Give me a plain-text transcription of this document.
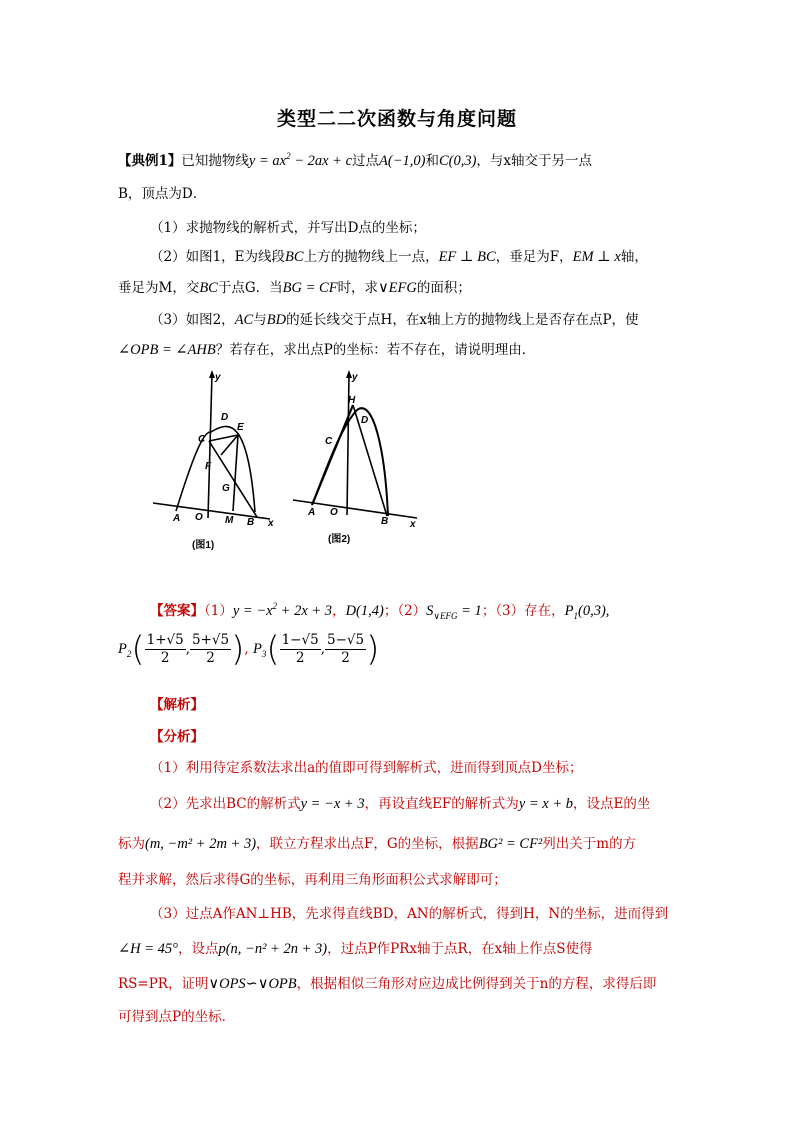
类型二二次函数与角度问题
【典例1】已知抛物线$y = ax^2 - 2ax + c$过点A(−1,0)和C(0,3)，与x轴交于另一点
B，顶点为D．
（1）求抛物线的解析式，并写出D点的坐标；
（2）如图1，E为线段BC上方的抛物线上一点，EF ⊥ BC，垂足为F，EM ⊥ x轴，
垂足为M，交BC于点G．当BG = CF时，求∨EFG的面积；
（3）如图2，AC与BD的延长线交于点H，在x轴上方的抛物线上是否存在点P，使
∠OPB = ∠AHB？若存在，求出点P的坐标：若不存在，请说明理由．
y
D
E
C
F
G
A O M B x
y
H
D
C
A O
B x
(图1)
(图2)
【答案】$(1)y = -x^2 + 2x + 3$，D(1,4)；$(2)S_{\vee EFG} = 1$；（3）存在，$P_1(0,3)$,
$P_2( \frac{1+√5}{2}$ , $\frac{5+√5}{2}$ ), $P_3( \frac{1-√5}{2}$ , $\frac{5-√5}{2}$ )
【解析】
【分析】
（1）利用待定系数法求出a的值即可得到解析式，进而得到顶点D坐标；
（2）先求出BC的解析式y = −x + 3，再设直线EF的解析式为y = x + b，设点E的坐
标为(m, −m² + 2m + 3)，联立方程求出点F，G的坐标，根据BG² = CF²列出关于m的方
程并求解，然后求得G的坐标，再利用三角形面积公式求解即可；
（3）过点A作AN⊥HB，先求得直线BD，AN的解析式，得到H，N的坐标，进而得到
∠H = 45°，设点p(n, −n² + 2n + 3)，过点P作PRx轴于点R，在x轴上作点S使得
RS=PR，证明∨OPS∽∨OPB，根据相似三角形对应边成比例得到关于n的方程，求得后即
可得到点P的坐标．
